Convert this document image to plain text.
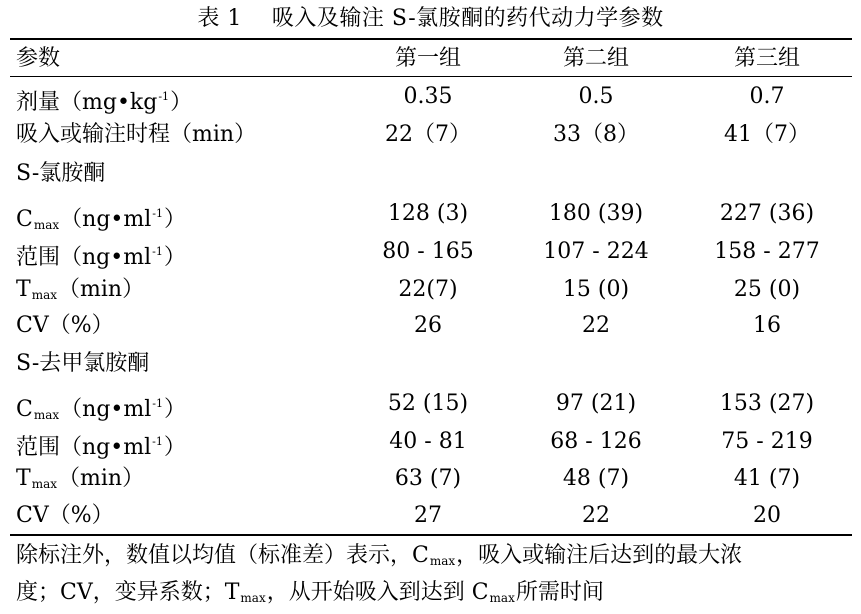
表 1    吸入及输注 S-氯胺酮的药代动力学参数
参数	第一组	第二组	第三组
剂量$(mg•kg^{-1})$	0.35	0.5	0.7
吸入或输注时程（min）	22（7）	33（8）	41（7）
S-氯胺酮
$C_{max}(ng•ml^{-1})$	128 (3)	180 (39)	227 (36)
范围$(ng•ml^{-1})$	80 - 165	107 - 224	158 - 277
$T_{max}(\min)$	22(7)	15 (0)	25 (0)
CV（%）	26	22	16
S-去甲氯胺酮
$C_{max}(ng•ml^{-1})$	52 (15)	97 (21)	153 (27)
范围$(ng•ml^{-1})$	40 - 81	68 - 126	75 - 219
$T_{max}(\min)$	63 (7)	48 (7)	41 (7)
CV（%）	27	22	20
除标注外，数值以均值（标准差）表示，$C_{max}$，吸入或输注后达到的最大浓
度；CV，变异系数；$T_{max}$，从开始吸入到达到 $C_{max}$所需时间
